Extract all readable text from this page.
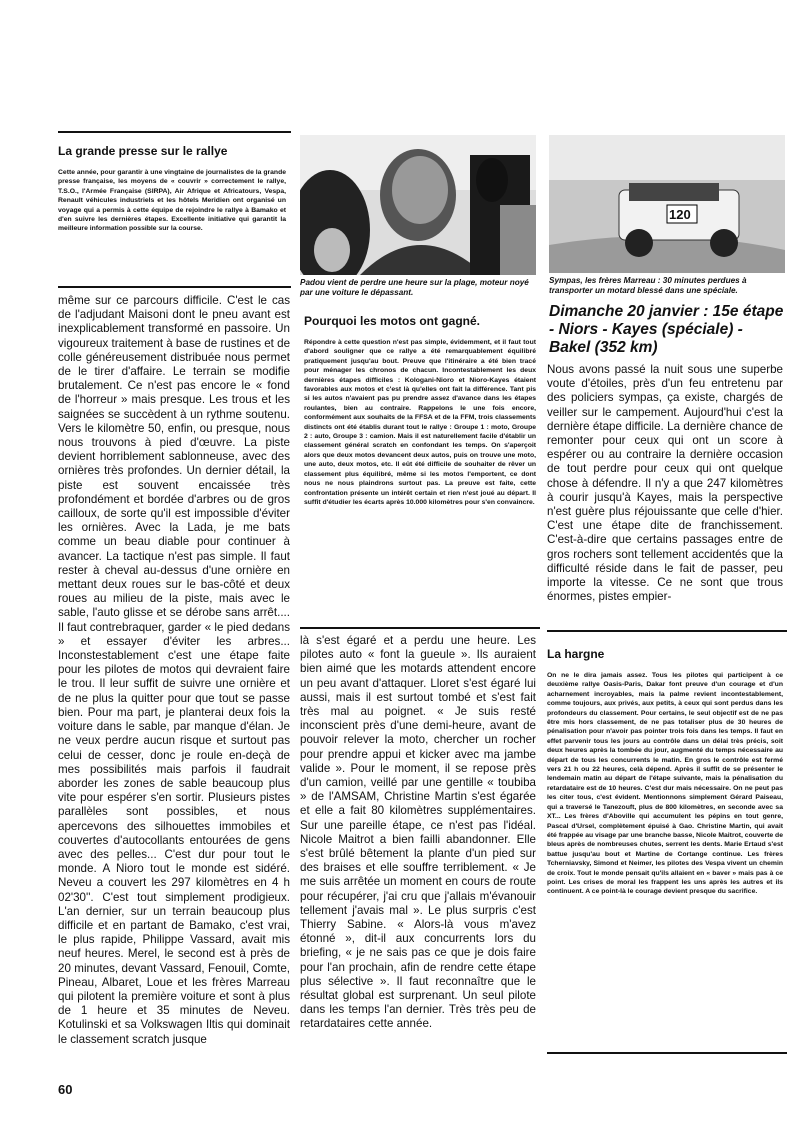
La grande presse sur le rallye
Cette année, pour garantir à une vingtaine de journalistes de la grande presse française, les moyens de « couvrir » correctement le rallye, T.S.O., l'Armée Française (SIRPA), Air Afrique et Africatours, Vespa, Renault véhicules industriels et les hôtels Meridien ont organisé un voyage qui a permis à cette équipe de rejoindre le rallye à Bamako et d'en suivre les dernières étapes. Excellente initiative qui garantit la meilleure information possible sur la course.
même sur ce parcours difficile. C'est le cas de l'adjudant Maisoni dont le pneu avant est inexplicablement transformé en passoire. Un vigoureux traitement à base de rustines et de colle généreusement distribuée nous permet de le tirer d'affaire. Le terrain se modifie brutalement. Ce n'est pas encore le « fond de l'horreur » mais presque. Les trous et les saignées se succèdent à un rythme soutenu. Vers le kilomètre 50, enfin, ou presque, nous nous trouvons à pied d'œuvre. La piste devient horriblement sablonneuse, avec des ornières très profondes. Un dernier détail, la piste est souvent encaissée très profondément et bordée d'arbres ou de gros cailloux, de sorte qu'il est impossible d'éviter les ornières. Avec la Lada, je me bats comme un beau diable pour continuer à avancer. La tactique n'est pas simple. Il faut rester à cheval au-dessus d'une ornière en mettant deux roues sur le bas-côté et deux roues au milieu de la piste, mais avec le sable, l'auto glisse et se dérobe sans arrêt.... Il faut contrebraquer, garder « le pied dedans » et essayer d'éviter les arbres... Inconstestablement c'est une étape faite pour les pilotes de motos qui devraient faire le trou. Il leur suffit de suivre une ornière et de ne plus la quitter pour que tout se passe bien. Pour ma part, je planterai deux fois la voiture dans le sable, par manque d'élan. Je ne veux perdre aucun risque et surtout pas celui de cesser, donc je roule en-deçà de mes possibilités mais parfois il faudrait aborder les zones de sable beaucoup plus vite pour espérer s'en sortir. Plusieurs pistes parallèles sont possibles, et nous apercevons des silhouettes immobiles et couvertes d'autocollants entourées de gens avec des pelles... C'est dur pour tout le monde. A Nioro tout le monde est sidéré. Neveu a couvert les 297 kilomètres en 4 h 02'30''. C'est tout simplement prodigieux. L'an dernier, sur un terrain beaucoup plus difficile et en partant de Bamako, c'est vrai, le plus rapide, Philippe Vassard, avait mis neuf heures. Merel, le second est à près de 20 minutes, devant Vassard, Fenouil, Comte, Pineau, Albaret, Loue et les frères Marreau qui pilotent la première voiture et sont à plus de 1 heure et 35 minutes de Neveu. Kotulinski et sa Volkswagen Iltis qui dominait le classement scratch jusque
60
Padou vient de perdre une heure sur la plage, moteur noyé par une voiture le dépassant.
Pourquoi les motos ont gagné.
Répondre à cette question n'est pas simple, évidemment, et il faut tout d'abord souligner que ce rallye a été remarquablement équilibré pratiquement jusqu'au bout. Preuve que l'itinéraire a été bien tracé pour ménager les chronos de chacun. Incontestablement les deux dernières étapes difficiles : Kologani-Nioro et Nioro-Kayes étaient favorables aux motos et c'est là qu'elles ont fait la différence. Tant pis si les autos n'avaient pas pu prendre assez d'avance dans les étapes roulantes, bien au contraire. Rappelons le une fois encore, conformément aux souhaits de la FFSA et de la FFM, trois classements distincts ont été établis durant tout le rallye : Groupe 1 : moto, Groupe 2 : auto, Groupe 3 : camion. Mais il est naturellement facile d'établir un classement général scratch en confondant les temps. On s'aperçoit alors que deux motos devancent deux autos, puis on trouve une moto, une auto, deux motos, etc. Il eût été difficile de souhaiter de rêver un classement plus équilibré, même si les motos l'emportent, ce dont nous ne nous plaindrons surtout pas. La preuve est faite, cette confrontation présente un intérêt certain et rien n'est joué au départ. Il suffit d'étudier les écarts après 10.000 kilomètres pour s'en convaincre.
là s'est égaré et a perdu une heure. Les pilotes auto « font la gueule ». Ils auraient bien aimé que les motards attendent encore un peu avant d'attaquer. Lloret s'est égaré lui aussi, mais il est surtout tombé et s'est fait très mal au poignet. « Je suis resté inconscient près d'une demi-heure, avant de pouvoir relever la moto, chercher un rocher pour prendre appui et kicker avec ma jambe valide ». Pour le moment, il se repose près d'un camion, veillé par une gentille « toubiba » de l'AMSAM, Christine Martin s'est égarée et elle a fait 80 kilomètres supplémentaires. Sur une pareille étape, ce n'est pas l'idéal. Nicole Maitrot a bien failli abandonner. Elle s'est brûlé bêtement la plante d'un pied sur des braises et elle souffre terriblement. « Je me suis arrêtée un moment en cours de route pour récupérer, j'ai cru que j'allais m'évanouir tellement j'avais mal ». Le plus surpris c'est Thierry Sabine. « Alors-là vous m'avez étonné », dit-il aux concurrents lors du briefing, « je ne sais pas ce que je dois faire pour l'an prochain, afin de rendre cette étape plus sélective ». Il faut reconnaître que le résultat global est surprenant. Un seul pilote dans les temps l'an dernier. Très très peu de retardataires cette année.
120
Sympas, les frères Marreau : 30 minutes perdues à transporter un motard blessé dans une spéciale.
Dimanche 20 janvier : 15e étape - Niors - Kayes (spéciale) - Bakel (352 km)
Nous avons passé la nuit sous une superbe voute d'étoiles, près d'un feu entretenu par des policiers sympas, ça existe, chargés de veiller sur le campement. Aujourd'hui c'est la dernière étape difficile. La dernière chance de remonter pour ceux qui ont un score à espérer ou au contraire la dernière occasion de tout perdre pour ceux qui ont quelque chose à défendre. Il n'y a que 247 kilomètres à courir jusqu'à Kayes, mais la perspective n'est guère plus réjouissante que celle d'hier. C'est une étape dite de franchissement. C'est-à-dire que certains passages entre de gros rochers sont tellement accidentés que la difficulté réside dans le fait de passer, peu importe la vitesse. Ce ne sont que trous énormes, pistes empier-
La hargne
On ne le dira jamais assez. Tous les pilotes qui participent à ce deuxième rallye Oasis-Paris, Dakar font preuve d'un courage et d'un acharnement incroyables, mais la palme revient incontestablement, comme toujours, aux privés, aux petits, à ceux qui sont perdus dans les profondeurs du classement. Pour certains, le seul objectif est de ne pas être mis hors classement, de ne pas totaliser plus de 30 heures de pénalisation pour n'avoir pas pointer trois fois dans les temps. Il faut en effet parvenir tous les jours au contrôle dans un délai très précis, soit deux heures après la tombée du jour, augmenté du temps nécessaire au départ de tous les concurrents le matin. En gros le contrôle est fermé vers 21 h ou 22 heures, celà dépend. Après il suffit de se présenter le lendemain matin au départ de l'étape suivante, mais la pénalisation du retardataire est de 10 heures. C'est dur mais nécessaire. On ne peut pas les citer tous, c'est évident. Mentionnons simplement Gérard Paiseau, qui a traversé le Tanezouft, plus de 800 kilomètres, en seconde avec sa XT... Les frères d'Aboville qui accumulent les pépins en tout genre, Pascal d'Ursel, complètement épuisé à Gao. Christine Martin, qui avait été frappée au visage par une branche basse, Nicole Maitrot, couverte de bleus après de nombreuses chutes, serrent les dents. Marie Ertaud s'est battue jusqu'au bout et Martine de Cortange continue. Les frères Tcherniavsky, Simond et Neimer, les pilotes des Vespa vivent un chemin de croix. Tout le monde pensait qu'ils allaient en « baver » mais pas à ce point. Les crises de moral les frappent les uns après les autres et ils continuent. A ce point-là le courage devient presque du sacrifice.
